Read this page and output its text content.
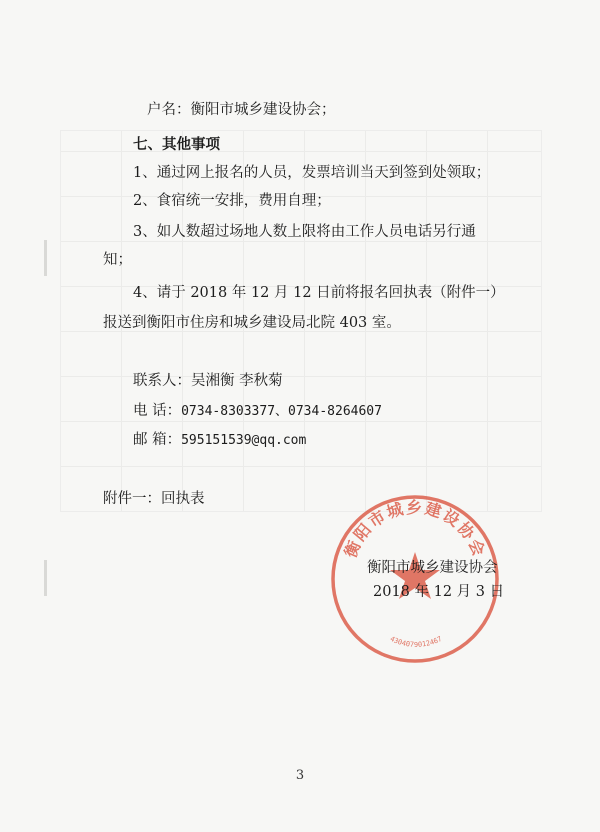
户名：衡阳市城乡建设协会；
七、其他事项
1、通过网上报名的人员，发票培训当天到签到处领取；
2、食宿统一安排，费用自理；
3、如人数超过场地人数上限将由工作人员电话另行通
知；
4、请于 2018 年 12 月 12 日前将报名回执表（附件一）
报送到衡阳市住房和城乡建设局北院 403 室。
联系人：吴湘衡 李秋菊
电 话：0734-8303377、0734-8264607
邮 箱：595151539@qq.com
附件一：回执表
衡阳市城乡建设协会
4304079012467
衡阳市城乡建设协会
2018 年 12 月 3 日
3
